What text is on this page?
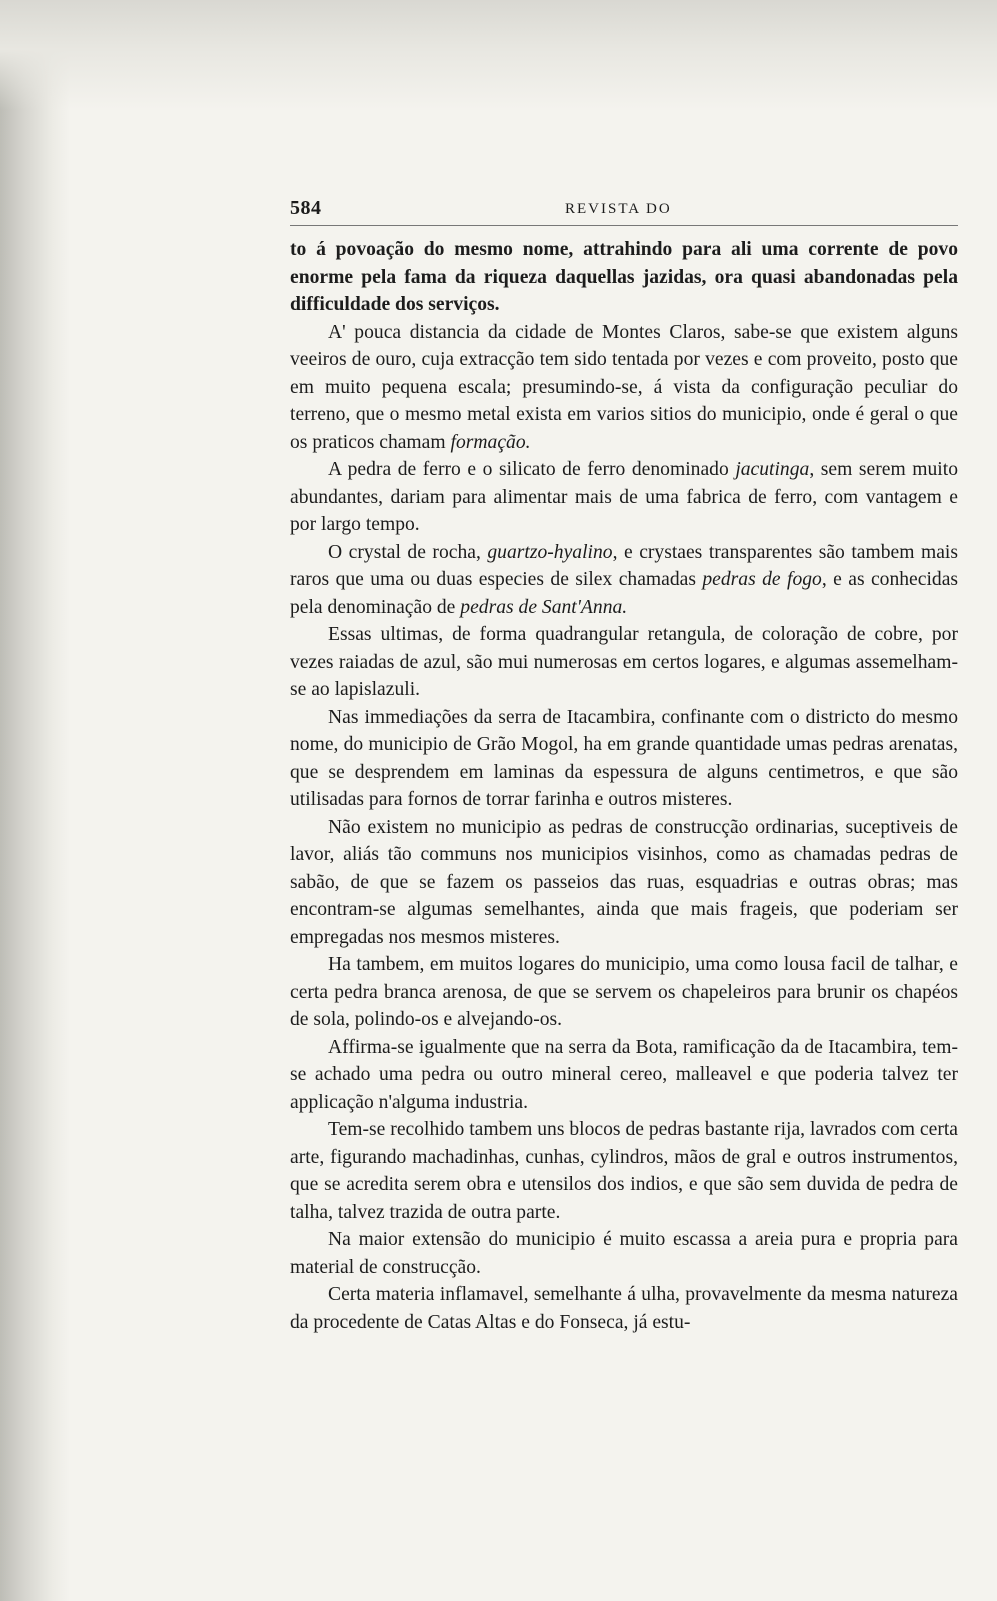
584	REVISTA DO

to á povoação do mesmo nome, attrahindo para ali uma corrente de povo enorme pela fama da riqueza daquellas jazidas, ora quasi abandonadas pela difficuldade dos serviços.

A' pouca distancia da cidade de Montes Claros, sabe-se que existem alguns veeiros de ouro, cuja extracção tem sido tentada por vezes e com proveito, posto que em muito pequena escala; presumindo-se, á vista da configuração peculiar do terreno, que o mesmo metal exista em varios sitios do municipio, onde é geral o que os praticos chamam formação.

A pedra de ferro e o silicato de ferro denominado jacutinga, sem serem muito abundantes, dariam para alimentar mais de uma fabrica de ferro, com vantagem e por largo tempo.

O crystal de rocha, guartzo-hyalino, e crystaes transparentes são tambem mais raros que uma ou duas especies de silex chamadas pedras de fogo, e as conhecidas pela denominação de pedras de Sant'Anna.

Essas ultimas, de forma quadrangular retangula, de coloração de cobre, por vezes raiadas de azul, são mui numerosas em certos logares, e algumas assemelham-se ao lapislazuli.

Nas immediações da serra de Itacambira, confinante com o districto do mesmo nome, do municipio de Grão Mogol, ha em grande quantidade umas pedras arenatas, que se desprendem em laminas da espessura de alguns centimetros, e que são utilisadas para fornos de torrar farinha e outros misteres.

Não existem no municipio as pedras de construcção ordinarias, suceptiveis de lavor, aliás tão communs nos municipios visinhos, como as chamadas pedras de sabão, de que se fazem os passeios das ruas, esquadrias e outras obras; mas encontram-se algumas semelhantes, ainda que mais frageis, que poderiam ser empregadas nos mesmos misteres.

Ha tambem, em muitos logares do municipio, uma como lousa facil de talhar, e certa pedra branca arenosa, de que se servem os chapeleiros para brunir os chapéos de sola, polindo-os e alvejando-os.

Affirma-se igualmente que na serra da Bota, ramificação da de Itacambira, tem-se achado uma pedra ou outro mineral cereo, malleavel e que poderia talvez ter applicação n'alguma industria.

Tem-se recolhido tambem uns blocos de pedras bastante rija, lavrados com certa arte, figurando machadinhas, cunhas, cylindros, mãos de gral e outros instrumentos, que se acredita serem obra e utensilos dos indios, e que são sem duvida de pedra de talha, talvez trazida de outra parte.

Na maior extensão do municipio é muito escassa a areia pura e propria para material de construcção.

Certa materia inflamavel, semelhante á ulha, provavelmente da mesma natureza da procedente de Catas Altas e do Fonseca, já estu-
